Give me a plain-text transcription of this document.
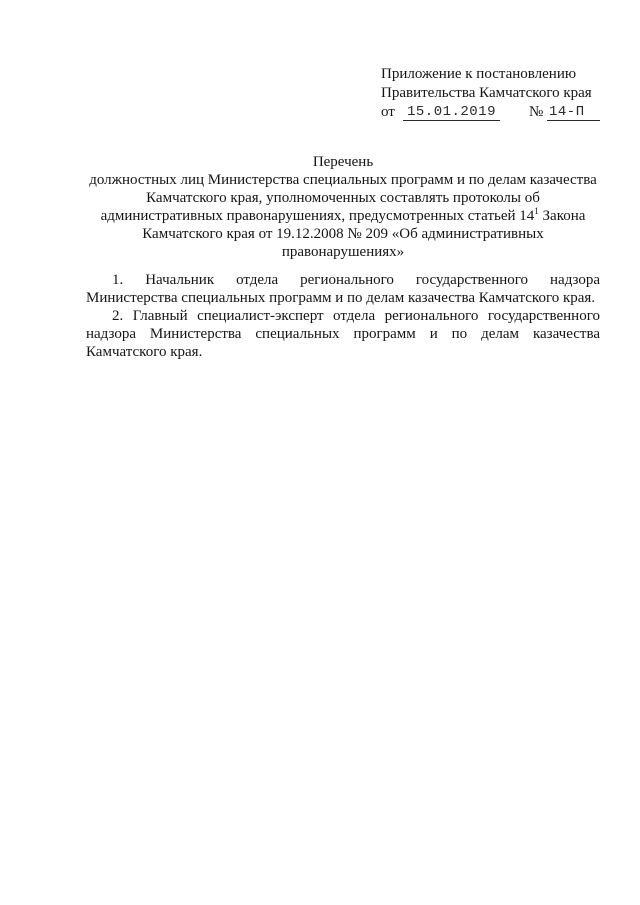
Приложение к постановлению
Правительства Камчатского края
от 15.01.2019 № 14-П
Перечень
должностных лиц Министерства специальных программ и по делам казачества
Камчатского края, уполномоченных составлять протоколы об
административных правонарушениях, предусмотренных статьей $14^1$ Закона
Камчатского края от 19.12.2008 № 209 «Об административных
правонарушениях»
1. Начальник отдела регионального государственного надзора
Министерства специальных программ и по делам казачества Камчатского края.
2. Главный специалист-эксперт отдела регионального государственного
надзора Министерства специальных программ и по делам казачества
Камчатского края.
